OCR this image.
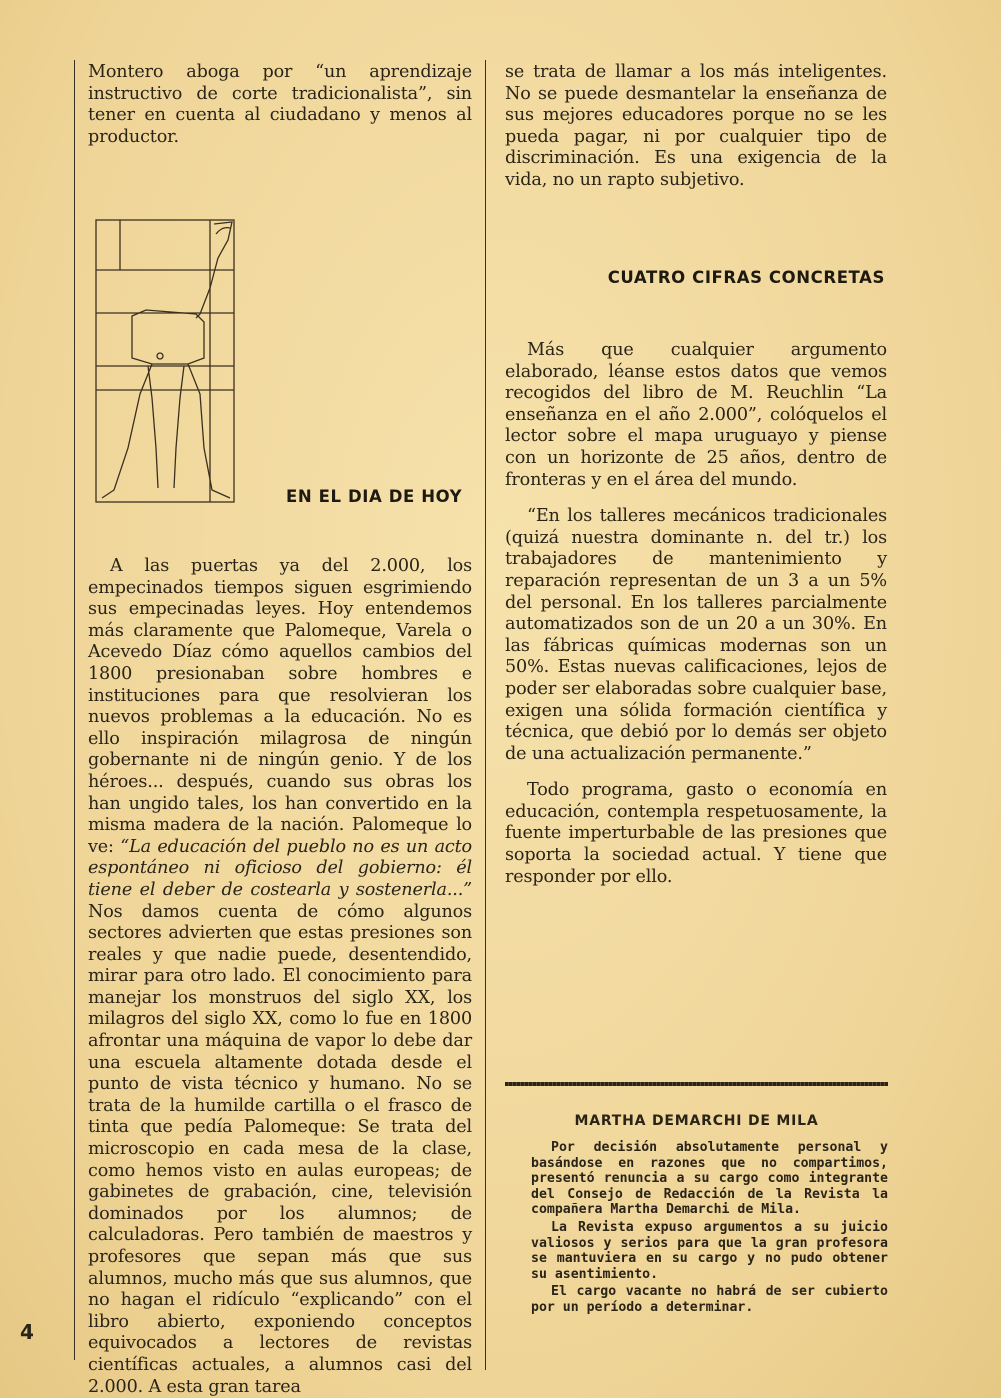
Montero aboga por “un aprendizaje instructivo de corte tradicionalista”, sin tener en cuenta al ciudadano y menos al productor.

EN EL DIA DE HOY

A las puertas ya del 2.000, los empecinados tiempos siguen esgrimiendo sus empecinadas leyes. Hoy entendemos más claramente que Palomeque, Varela o Acevedo Díaz cómo aquellos cambios del 1800 presionaban sobre hombres e instituciones para que resolvieran los nuevos problemas a la educación. No es ello inspiración milagrosa de ningún gobernante ni de ningún genio. Y de los héroes... después, cuando sus obras los han ungido tales, los han convertido en la misma madera de la nación. Palomeque lo ve: “La educación del pueblo no es un acto espontáneo ni oficioso del gobierno: él tiene el deber de costearla y sostenerla...” Nos damos cuenta de cómo algunos sectores advierten que estas presiones son reales y que nadie puede, desentendido, mirar para otro lado. El conocimiento para manejar los monstruos del siglo XX, los milagros del siglo XX, como lo fue en 1800 afrontar una máquina de vapor lo debe dar una escuela altamente dotada desde el punto de vista técnico y humano. No se trata de la humilde cartilla o el frasco de tinta que pedía Palomeque: Se trata del microscopio en cada mesa de la clase, como hemos visto en aulas europeas; de gabinetes de grabación, cine, televisión dominados por los alumnos; de calculadoras. Pero también de maestros y profesores que sepan más que sus alumnos, mucho más que sus alumnos, que no hagan el ridículo “explicando” con el libro abierto, exponiendo conceptos equivocados a lectores de revistas científicas actuales, a alumnos casi del 2.000. A esta gran tarea

4

se trata de llamar a los más inteligentes. No se puede desmantelar la enseñanza de sus mejores educadores porque no se les pueda pagar, ni por cualquier tipo de discriminación. Es una exigencia de la vida, no un rapto subjetivo.

CUATRO CIFRAS CONCRETAS

Más que cualquier argumento elaborado, léanse estos datos que vemos recogidos del libro de M. Reuchlin “La enseñanza en el año 2.000”, colóquelos el lector sobre el mapa uruguayo y piense con un horizonte de 25 años, dentro de fronteras y en el área del mundo.

“En los talleres mecánicos tradicionales (quizá nuestra dominante n. del tr.) los trabajadores de mantenimiento y reparación representan de un 3 a un 5% del personal. En los talleres parcialmente automatizados son de un 20 a un 30%. En las fábricas químicas modernas son un 50%. Estas nuevas calificaciones, lejos de poder ser elaboradas sobre cualquier base, exigen una sólida formación científica y técnica, que debió por lo demás ser objeto de una actualización permanente.”

Todo programa, gasto o economía en educación, contempla respetuosamente, la fuente imperturbable de las presiones que soporta la sociedad actual. Y tiene que responder por ello.

MARTHA DEMARCHI DE MILA

Por decisión absolutamente personal y basándose en razones que no compartimos, presentó renuncia a su cargo como integrante del Consejo de Redacción de la Revista la compañera Martha Demarchi de Mila.

La Revista expuso argumentos a su juicio valiosos y serios para que la gran profesora se mantuviera en su cargo y no pudo obtener su asentimiento.

El cargo vacante no habrá de ser cubierto por un período a determinar.
